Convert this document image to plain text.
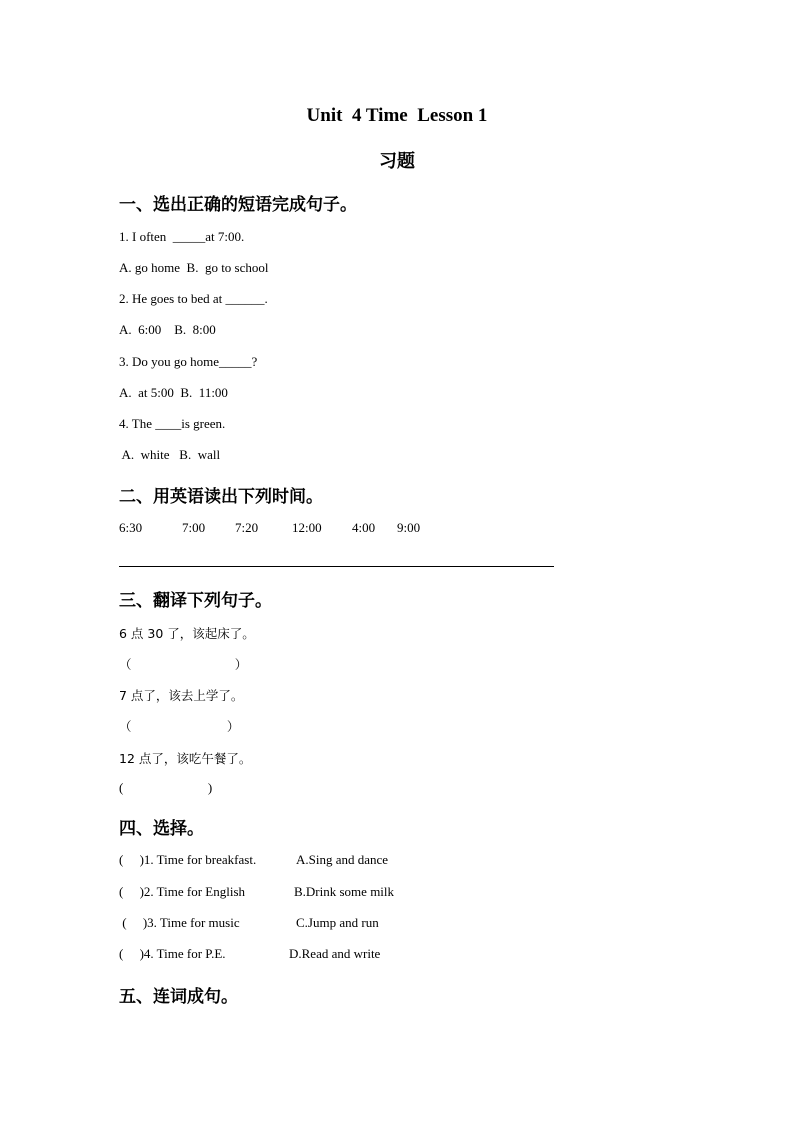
Unit  4 Time  Lesson 1
习题
一、选出正确的短语完成句子。
1. I often  _____at 7:00.
A. go home  B.  go to school
2. He goes to bed at ______.
A.  6:00    B.  8:00
3. Do you go home_____?
A.  at 5:00  B.  11:00
4. The ____is green.
A.  white   B.  wall
二、用英语读出下列时间。
6:30	7:00 7:20	12:00 4:00 9:00
三、翻译下列句子。
6 点 30 了，该起床了。
（                          ）
7 点了，该去上学了。
（                        ）
12 点了，该吃午餐了。
(                          )
四、选择。
(     )1. Time for breakfast.	A.Sing and dance
(     )2. Time for English	B.Drink some milk
(     )3. Time for music	C.Jump and run
(     )4. Time for P.E.	D.Read and write
五、连词成句。
